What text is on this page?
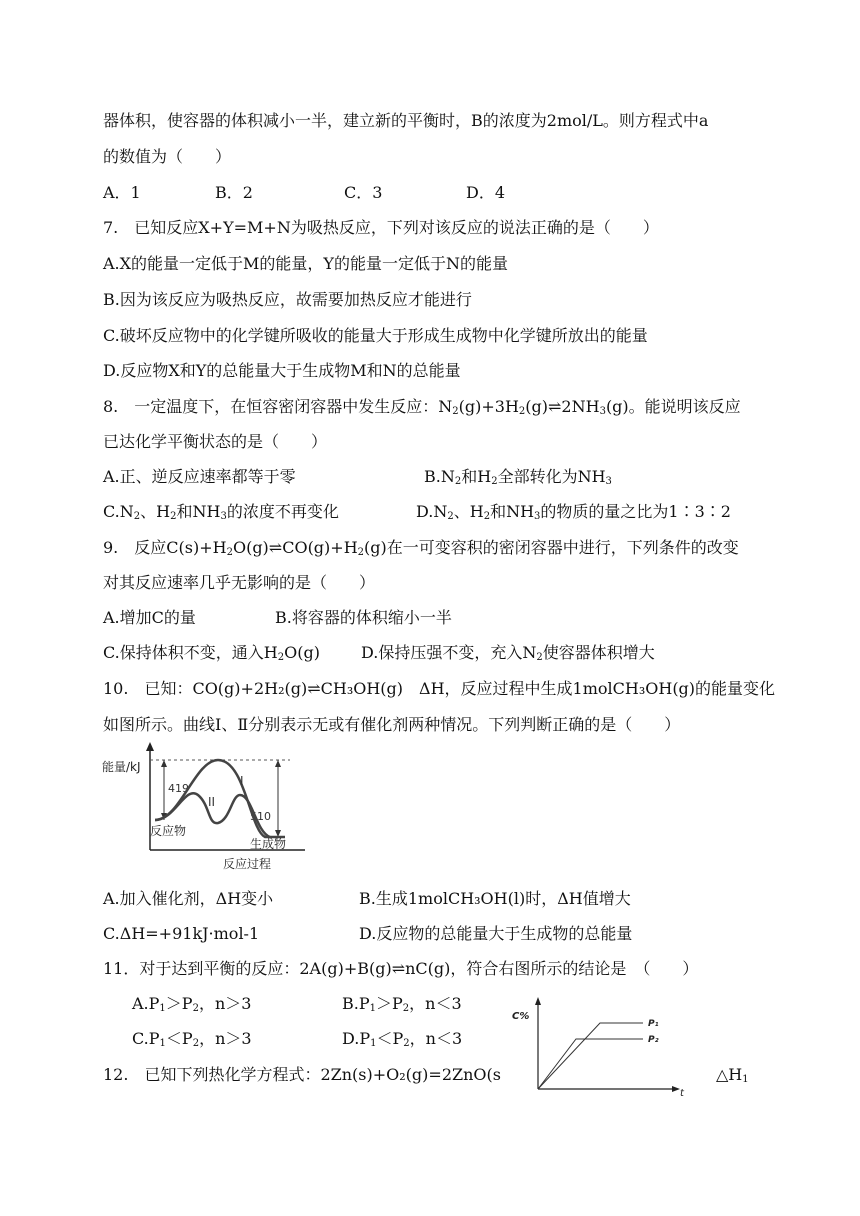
器体积，使容器的体积减小一半，建立新的平衡时，B的浓度为2mol/L。则方程式中a
的数值为（　　）
A．1	B．2	C．3	D．4
7.　已知反应X+Y=M+N为吸热反应，下列对该反应的说法正确的是（　　）
A.X的能量一定低于M的能量，Y的能量一定低于N的能量
B.因为该反应为吸热反应，故需要加热反应才能进行
C.破坏反应物中的化学键所吸收的能量大于形成生成物中化学键所放出的能量
D.反应物X和Y的总能量大于生成物M和N的总能量
8.　一定温度下，在恒容密闭容器中发生反应：$N_2(g)+3H_2(g)\rightleftharpoons 2NH_3(g)$。能说明该反应
已达化学平衡状态的是（　　）
A.正、逆反应速率都等于零	$B.N_2$和$H_2$全部转化为$NH_3$
$C.N_2$、$H_2$和$NH_3$的浓度不再变化	$D.N_2$、$H_2$和$NH_3$的物质的量之比为1∶3∶2
9.　反应$C(s)+H_2O(g)\rightleftharpoons CO(g)+H_2(g)$在一可变容积的密闭容器中进行，下列条件的改变
对其反应速率几乎无影响的是（　　）
A.增加C的量	B.将容器的体积缩小一半
C.保持体积不变，通入$H_2O(g)$	D.保持压强不变，充入$N_2$使容器体积增大
10.　已知：CO(g)+2H₂(g)⇌CH₃OH(g)　ΔH，反应过程中生成1molCH₃OH(g)的能量变化
如图所示。曲线Ⅰ、Ⅱ分别表示无或有催化剂两种情况。下列判断正确的是（　　）
能量/kJ
反应过程
419
510
I
II
反应物
生成物
A.加入催化剂，ΔH变小	B.生成1molCH₃OH(l)时，ΔH值增大
C.ΔH=+91kJ·mol-1	D.反应物的总能量大于生成物的总能量
11．对于达到平衡的反应：2A(g)+B(g)⇌nC(g)，符合右图所示的结论是　（　　）
$A.P_1>P_2$，n＞3	$B.P_1>P_2$，n＜3
$C.P_1<P_2$，n＞3	$D.P_1<P_2$，n＜3
C%
t
P₁
P₂
12.　已知下列热化学方程式：2Zn(s)+O₂(g)=2ZnO(s	$\triangle H_1$
